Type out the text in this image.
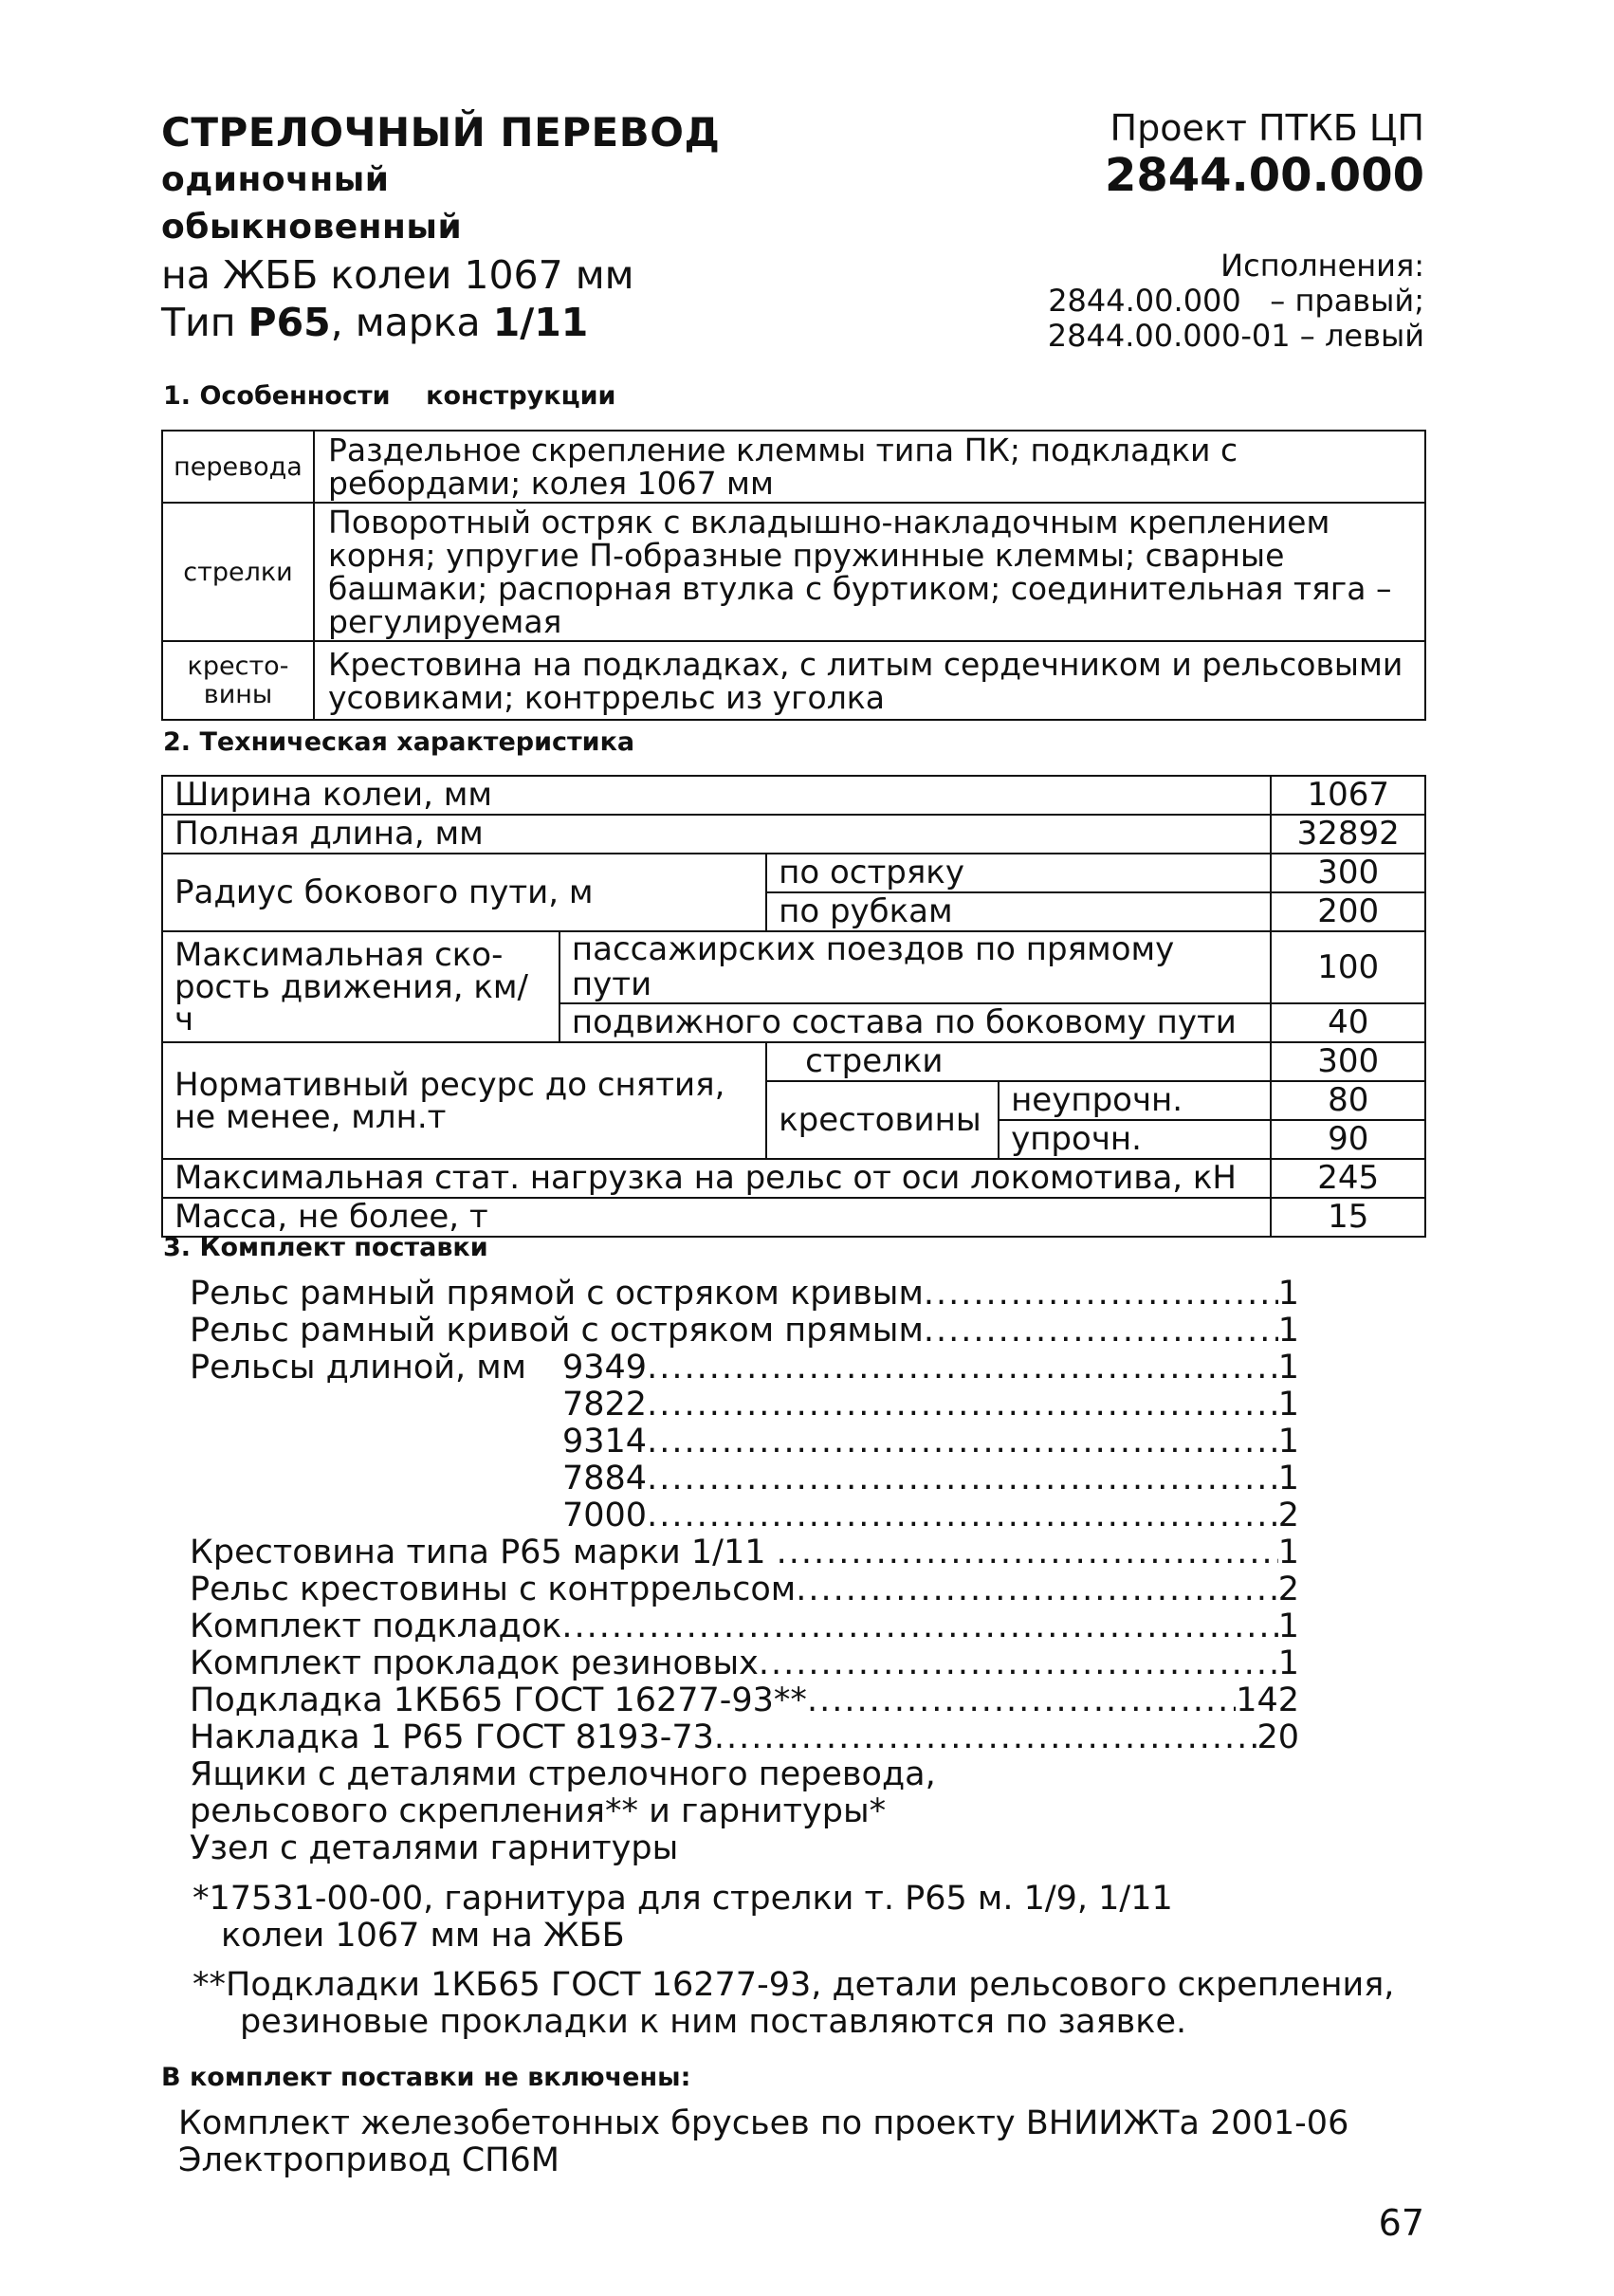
СТРЕЛОЧНЫЙ ПЕРЕВОД
одиночный
обыкновенный
на ЖББ колеи 1067 мм
Тип Р65, марка 1/11
Проект ПТКБ ЦП
2844.00.000
Исполнения:
2844.00.000 – правый;
2844.00.000-01 – левый
1. Особенности    конструкции
перевода	Раздельное скрепление клеммы типа ПК; подкладки с ребордами; колея 1067 мм
стрелки	Поворотный остряк с вкладышно-накладочным креплением корня; упругие П-образные пружинные клеммы; сварные башмаки; распорная втулка с буртиком; соединительная тяга – регулируемая
кресто-
вины	Крестовина на подкладках, с литым сердечником и рельсовыми усовиками; контррельс из уголка
2. Техническая характеристика
Ширина колеи, мм				1067
Полная длина, мм				32892
Радиус бокового пути, м		по остряку		300
		по рубкам		200
Максимальная ско-
рость движения, км/ч	пассажирских поездов по прямому пути			100
	подвижного состава по боковому пути			40
Нормативный ресурс до снятия,
не менее, млн.т		стрелки		300
		крестовины	неупрочн.	80
			упрочн.	90
Максимальная стат. нагрузка на рельс от оси локомотива, кН				245
Масса, не более, т				15
3. Комплект поставки
Рельс рамный прямой с остряком кривым .....	1
Рельс рамный кривой с остряком прямым .....	1
Рельсы длиной, мм	9349 .....	1
7822 .....	1
9314 .....	1
7884 .....	1
7000 .....	2
Крестовина типа Р65 марки 1/11 .....	1
Рельс крестовины с контррельсом .....	2
Комплект подкладок .....	1
Комплект прокладок резиновых .....	1
Подкладка 1КБ65 ГОСТ 16277-93** .....	142
Накладка 1 Р65 ГОСТ 8193-73 .....	20
Ящики с деталями стрелочного перевода,
рельсового скрепления** и гарнитуры*
Узел с деталями гарнитуры
*17531-00-00, гарнитура для стрелки т. Р65 м. 1/9, 1/11
колеи 1067 мм на ЖББ
**Подкладки 1КБ65 ГОСТ 16277-93, детали рельсового скрепления,
резиновые прокладки к ним поставляются по заявке.
В комплект поставки не включены:
Комплект железобетонных брусьев по проекту ВНИИЖТа 2001-06
Электропривод СП6М
67
